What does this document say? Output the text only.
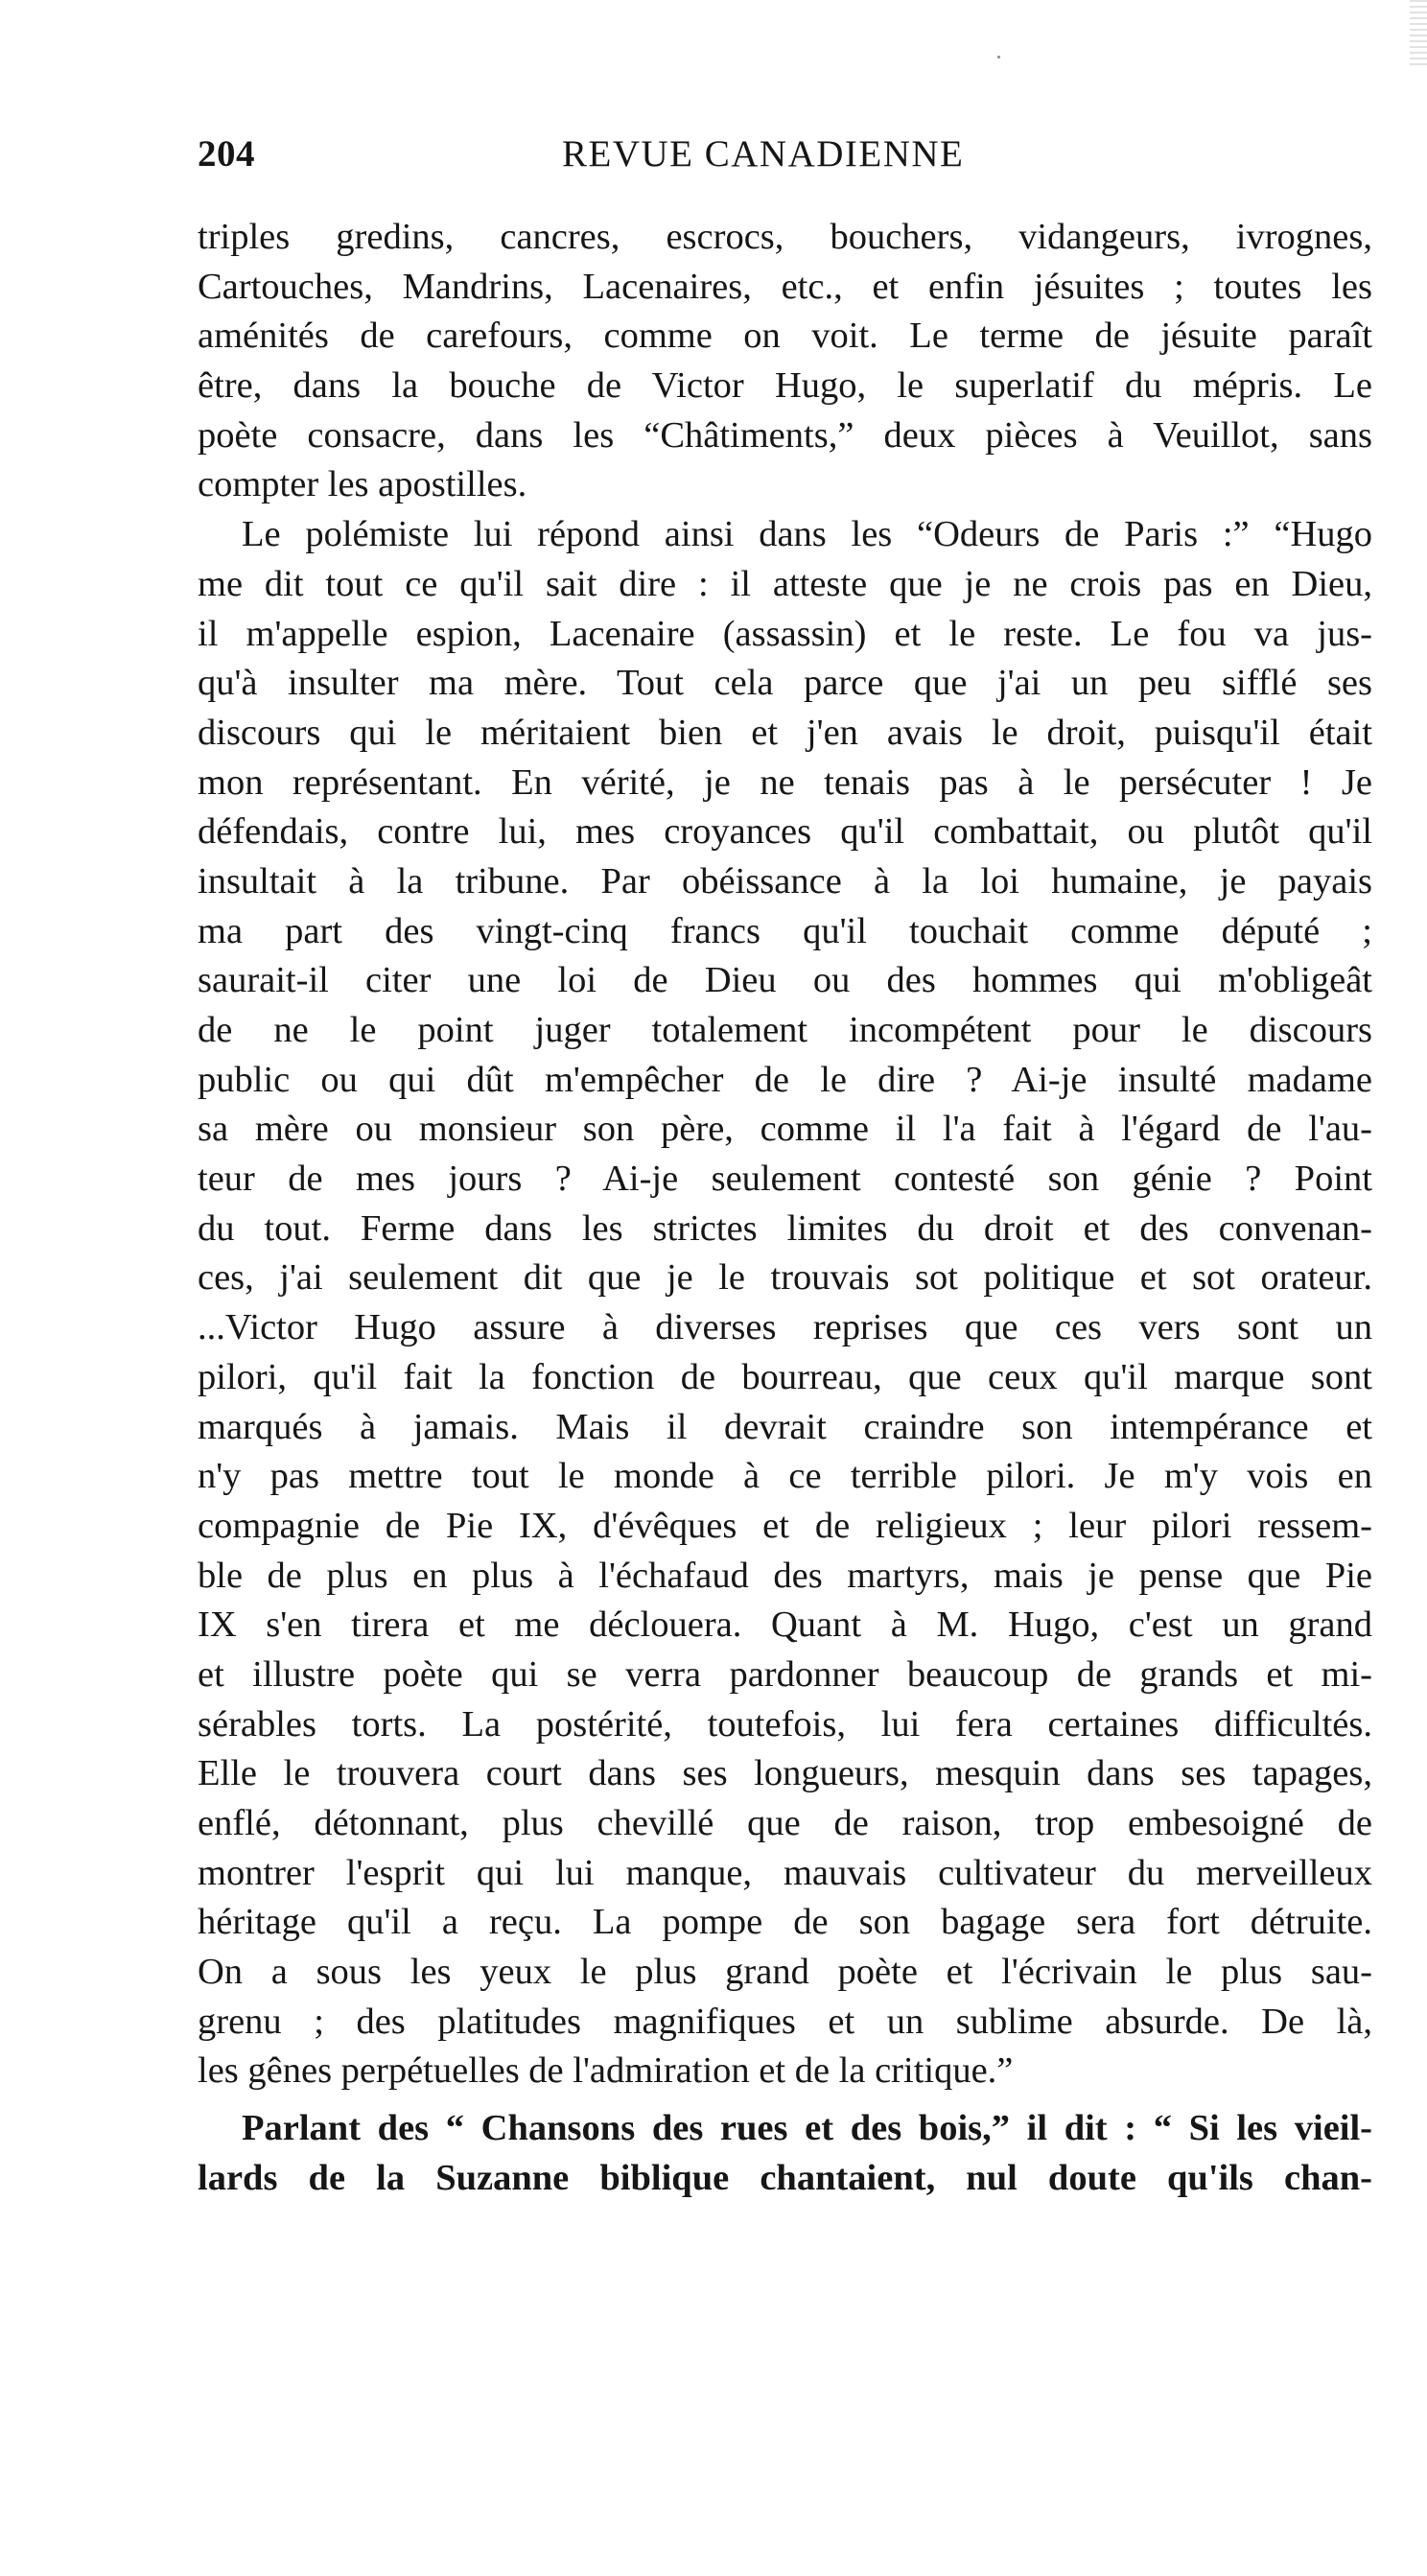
204	REVUE CANADIENNE
triples gredins, cancres, escrocs, bouchers, vidangeurs, ivrognes,
Cartouches, Mandrins, Lacenaires, etc., et enfin jésuites ; toutes les
aménités de carefours, comme on voit. Le terme de jésuite paraît
être, dans la bouche de Victor Hugo, le superlatif du mépris. Le
poète consacre, dans les “Châtiments,” deux pièces à Veuillot, sans
compter les apostilles.
Le polémiste lui répond ainsi dans les “Odeurs de Paris :” “Hugo
me dit tout ce qu'il sait dire : il atteste que je ne crois pas en Dieu,
il m'appelle espion, Lacenaire (assassin) et le reste. Le fou va jus-
qu'à insulter ma mère. Tout cela parce que j'ai un peu sifflé ses
discours qui le méritaient bien et j'en avais le droit, puisqu'il était
mon représentant. En vérité, je ne tenais pas à le persécuter ! Je
défendais, contre lui, mes croyances qu'il combattait, ou plutôt qu'il
insultait à la tribune. Par obéissance à la loi humaine, je payais
ma part des vingt-cinq francs qu'il touchait comme député ;
saurait-il citer une loi de Dieu ou des hommes qui m'obligeât
de ne le point juger totalement incompétent pour le discours
public ou qui dût m'empêcher de le dire ? Ai-je insulté madame
sa mère ou monsieur son père, comme il l'a fait à l'égard de l'au-
teur de mes jours ? Ai-je seulement contesté son génie ? Point
du tout. Ferme dans les strictes limites du droit et des convenan-
ces, j'ai seulement dit que je le trouvais sot politique et sot orateur.
...Victor Hugo assure à diverses reprises que ces vers sont un
pilori, qu'il fait la fonction de bourreau, que ceux qu'il marque sont
marqués à jamais. Mais il devrait craindre son intempérance et
n'y pas mettre tout le monde à ce terrible pilori. Je m'y vois en
compagnie de Pie IX, d'évêques et de religieux ; leur pilori ressem-
ble de plus en plus à l'échafaud des martyrs, mais je pense que Pie
IX s'en tirera et me déclouera. Quant à M. Hugo, c'est un grand
et illustre poète qui se verra pardonner beaucoup de grands et mi-
sérables torts. La postérité, toutefois, lui fera certaines difficultés.
Elle le trouvera court dans ses longueurs, mesquin dans ses tapages,
enflé, détonnant, plus chevillé que de raison, trop embesoigné de
montrer l'esprit qui lui manque, mauvais cultivateur du merveilleux
héritage qu'il a reçu. La pompe de son bagage sera fort détruite.
On a sous les yeux le plus grand poète et l'écrivain le plus sau-
grenu ; des platitudes magnifiques et un sublime absurde. De là,
les gênes perpétuelles de l'admiration et de la critique.”
Parlant des “ Chansons des rues et des bois,” il dit : “ Si les vieil-
lards de la Suzanne biblique chantaient, nul doute qu'ils chan-
